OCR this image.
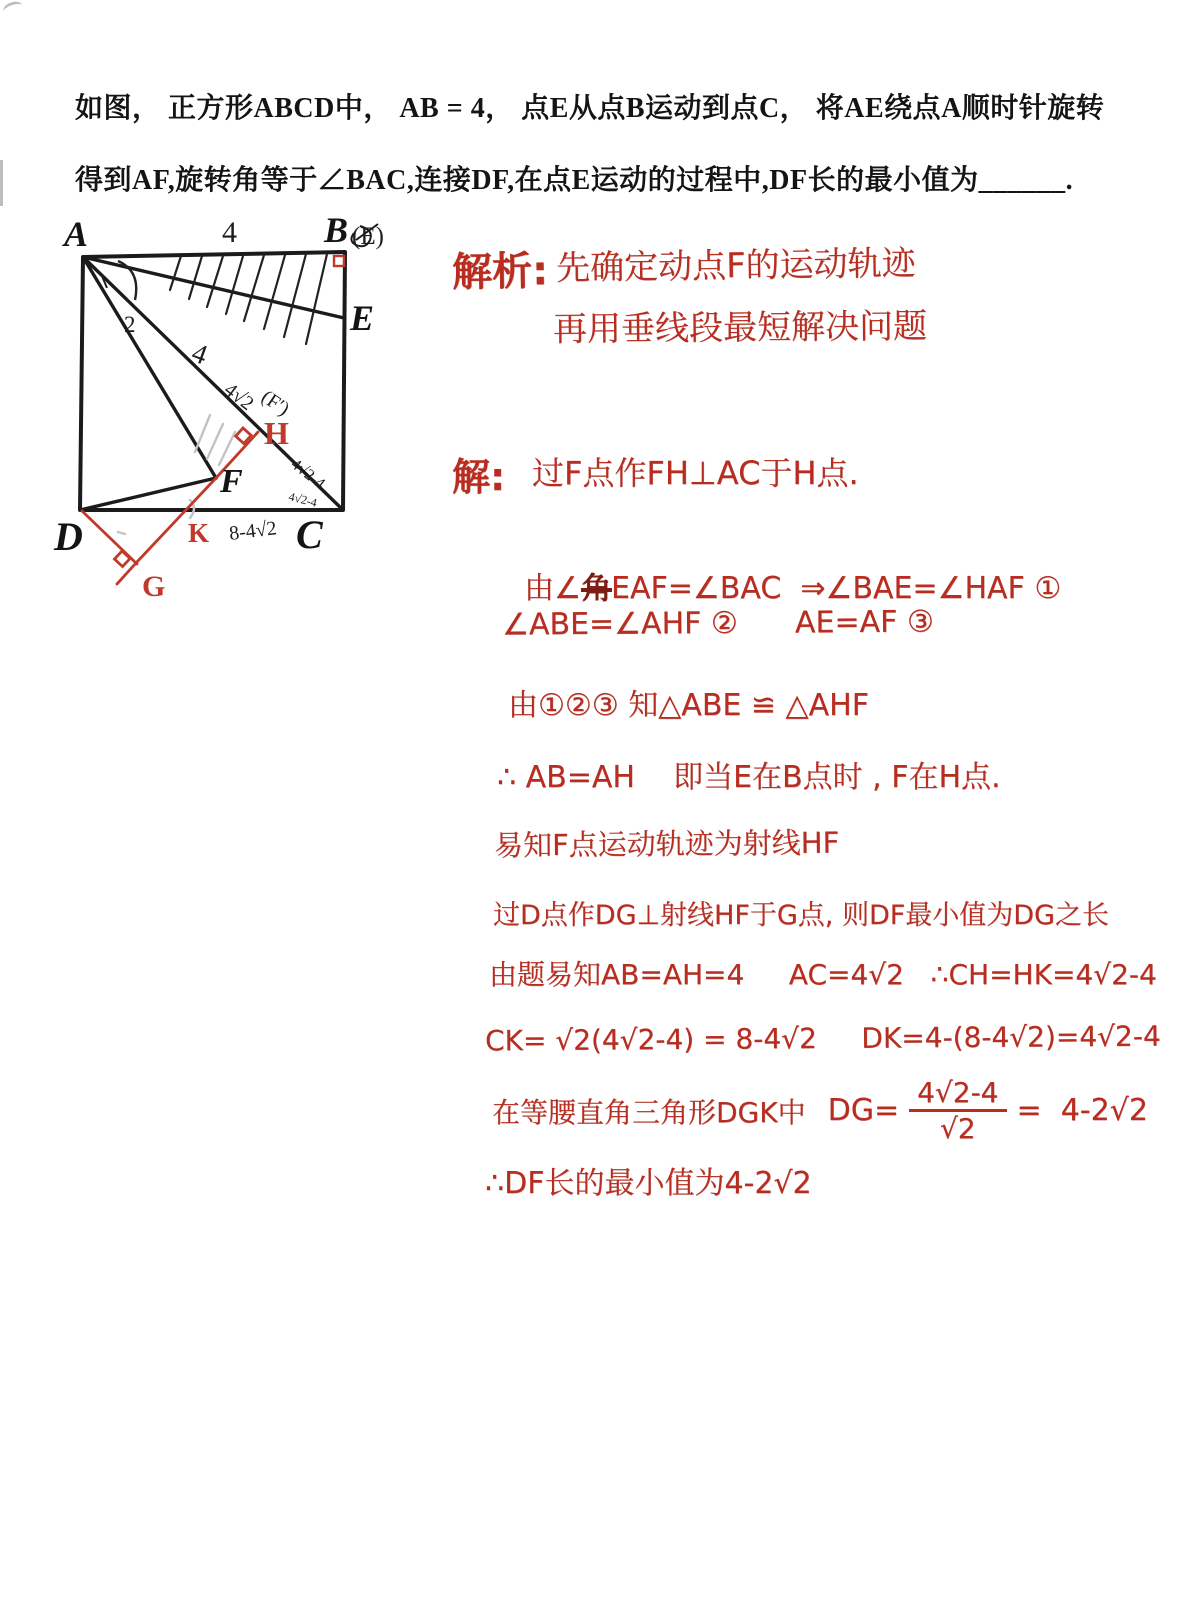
如图， 正方形ABCD中， AB = 4， 点E从点B运动到点C， 将AE绕点A顺时针旋转
得到AF,旋转角等于∠BAC,连接DF,在点E运动的过程中,DF长的最小值为______.
A	B
E
D	C
F
4	(E)
2
4
4√2 (F′)
4√2-4
4√2-4
8-4√2
H
K
G
解析: 先确定动点F的运动轨迹
再用垂线段最短解决问题
解: 过F点作FH⊥AC于H点.

由∠角EAF=∠BAC  ⇒∠BAE=∠HAF ①

∠ABE=∠AHF ②      AE=AF ③
由①②③ 知△ABE ≌ △AHF
∴ AB=AH    即当E在B点时 , F在H点.
易知F点运动轨迹为射线HF
过D点作DG⊥射线HF于G点, 则DF最小值为DG之长
由题易知AB=AH=4     AC=4√2   ∴CH=HK=4√2-4
CK= √2(4√2-4) = 8-4√2     DK=4-(8-4√2)=4√2-4
在等腰直角三角形DGK中 $DG= \frac{4√2-4}{√2} = 4-2√2$
∴DF长的最小值为4-2√2
